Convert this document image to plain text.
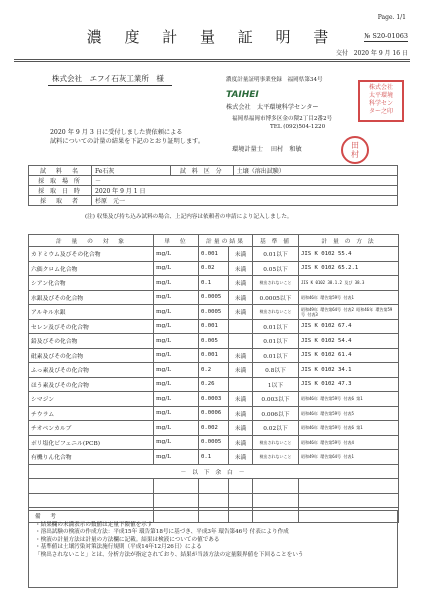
Page. 1/1
濃 度 計 量 証 明 書	№ S20-01063
交付 2020 年 9 月 16 日
株式会社　エフイ石灰工業所　様	濃度計量証明事業登録　福岡県第34号
TAIHEI
株式会社　太平環境科学センター
福岡県福岡市博多区金の隈2丁目2番2号
TEL (092)504-1220
環境計量士 田村　和敏
株式会社
太平環境
科学セン
ター之印
田
村
2020 年 9 月 3 日に受付しました貴依頼による
試料についての計量の結果を下記のとおり証明します。
試　料　名	Fe石灰	試 料 区 分	土壌（溶出試験）
採 取 場 所	－		
採 取 日 時	2020 年 9 月 1 日		
採　取　者	杉原　元一		
(注) 収集及び持ち込み試料の場合、上記内容は依頼者の申請により記入しました。
計　量　の　対　象	単　位	計量の結果		基 準 値	計 量 の 方 法
カドミウム及びその化合物	mg/L	0.001	未満	0.01以下	JIS K 0102 55.4

六価クロム化合物	mg/L	0.02	未満	0.05以下	JIS K 0102 65.2.1

シアン化合物	mg/L	0.1	未満	検出されないこと	JIS K 0102 38.1.2 及び 38.3

水銀及びその化合物	mg/L	0.0005	未満	0.0005以下	昭和46年 環告第59号 付表1

アルキル水銀	mg/L	0.0005	未満	検出されないこと	昭和49年 環告第64号 付表2 昭和46年 環告第59号 付表3

セレン及びその化合物	mg/L	0.001		0.01以下	JIS K 0102 67.4

鉛及びその化合物	mg/L	0.005		0.01以下	JIS K 0102 54.4

砒素及びその化合物	mg/L	0.001	未満	0.01以下	JIS K 0102 61.4

ふっ素及びその化合物	mg/L	0.2	未満	0.8以下	JIS K 0102 34.1

ほう素及びその化合物	mg/L	0.26		1以下	JIS K 0102 47.3

シマジン	mg/L	0.0003	未満	0.003以下	昭和46年 環告第59号 付表6 第1

チウラム	mg/L	0.0006	未満	0.006以下	昭和46年 環告第59号 付表5

チオベンカルブ	mg/L	0.002	未満	0.02以下	昭和46年 環告第59号 付表6 第1

ポリ塩化ビフェニル(PCB)	mg/L	0.0005	未満	検出されないこと	昭和46年 環告第59号 付表4

有機りん化合物	mg/L	0.1	未満	検出されないこと	昭和49年 環告第64号 付表1

－ 以 下 余 白 －					

備　考
・結果欄の未満表示の数値は定量下限値を示す
・溶出試験の検液の作成方法：平成15年 環告第18号に基づき、平成3年 環告第46号 付表により作成
・検液の計量方法は計量の方法欄に記載。結果は検液についての値である
・基準値は土壌汚染対策法施行規則（平成14年12月26日）による
「検出されないこと」とは、分析方法が指定されており、結果が当該方法の定量限界値を下回ることをいう
